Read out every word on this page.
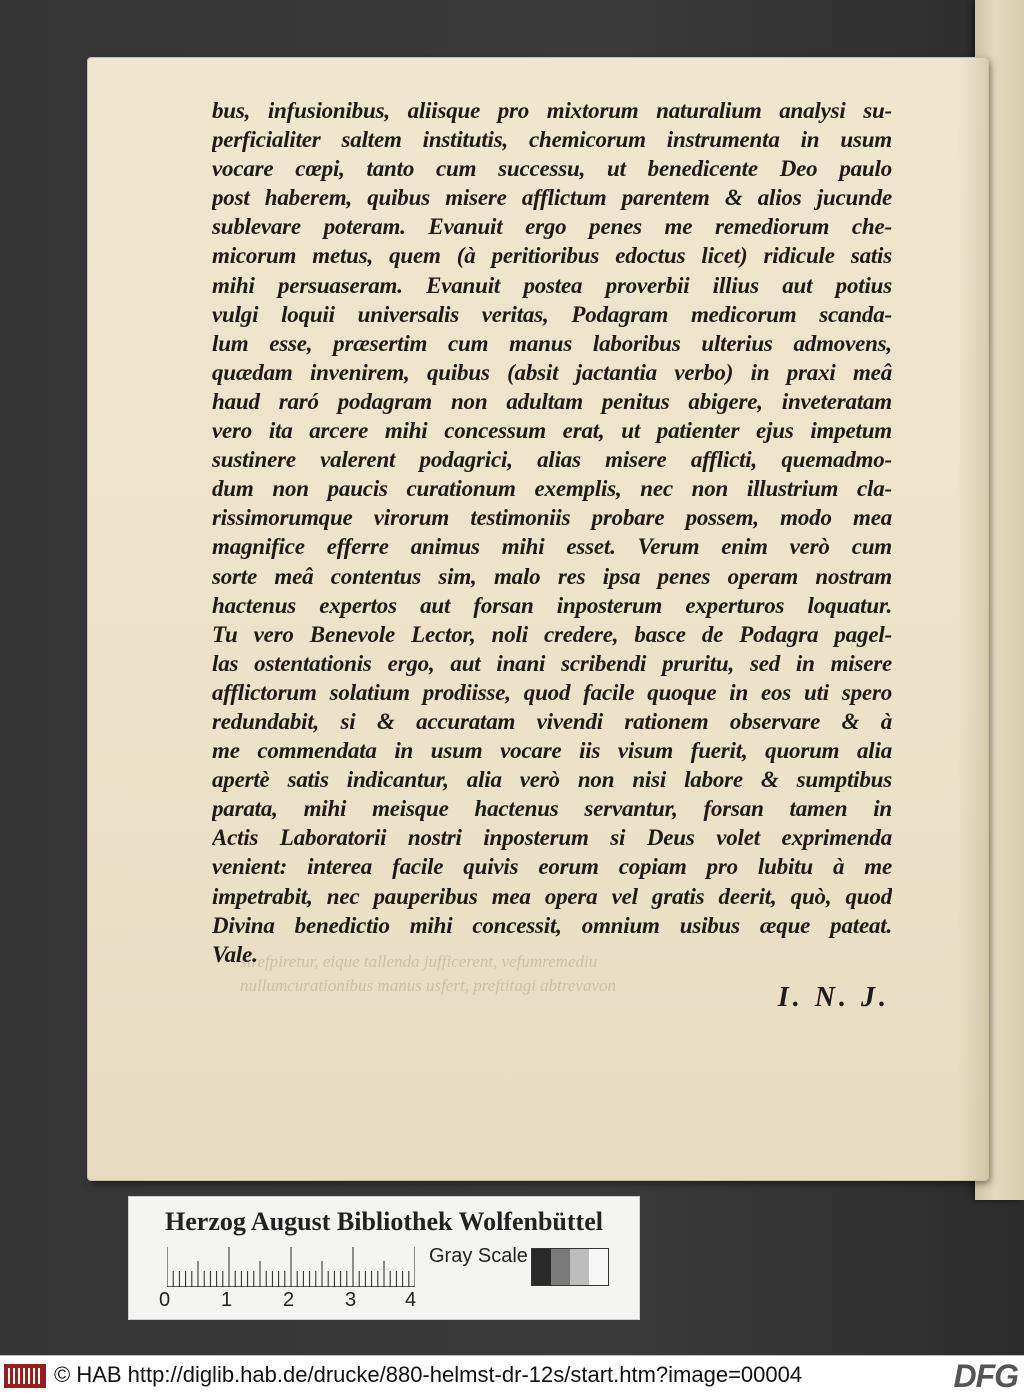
sirefpiretur, eique tallenda jufficerent, vefumremediu
nullumcurationibus manus usfert, preftitagi abtrevavon
bus, infusionibus, aliisque pro mixtorum naturalium analysi su-
perficialiter saltem institutis, chemicorum instrumenta in usum
vocare cœpi, tanto cum successu, ut benedicente Deo paulo
post haberem, quibus misere afflictum parentem & alios jucunde
sublevare poteram. Evanuit ergo penes me remediorum che-
micorum metus, quem (à peritioribus edoctus licet) ridicule satis
mihi persuaseram. Evanuit postea proverbii illius aut potius
vulgi loquii universalis veritas, Podagram medicorum scanda-
lum esse, præsertim cum manus laboribus ulterius admovens,
quædam invenirem, quibus (absit jactantia verbo) in praxi meâ
haud raró podagram non adultam penitus abigere, inveteratam
vero ita arcere mihi concessum erat, ut patienter ejus impetum
sustinere valerent podagrici, alias misere afflicti, quemadmo-
dum non paucis curationum exemplis, nec non illustrium cla-
rissimorumque virorum testimoniis probare possem, modo mea
magnifice efferre animus mihi esset. Verum enim verò cum
sorte meâ contentus sim, malo res ipsa penes operam nostram
hactenus expertos aut forsan inposterum experturos loquatur.
Tu vero Benevole Lector, noli credere, basce de Podagra pagel-
las ostentationis ergo, aut inani scribendi pruritu, sed in misere
afflictorum solatium prodiisse, quod facile quoque in eos uti spero
redundabit, si & accuratam vivendi rationem observare & à
me commendata in usum vocare iis visum fuerit, quorum alia
apertè satis indicantur, alia verò non nisi labore & sumptibus
parata, mihi meisque hactenus servantur, forsan tamen in
Actis Laboratorii nostri inposterum si Deus volet exprimenda
venient: interea facile quivis eorum copiam pro lubitu à me
impetrabit, nec pauperibus mea opera vel gratis deerit, quò, quod
Divina benedictio mihi concessit, omnium usibus æque pateat.
Vale.
I. N. J.
Herzog August Bibliothek Wolfenbüttel
0	1	2	3 4
Gray Scale
© HAB http://diglib.hab.de/drucke/880-helmst-dr-12s/start.htm?image=00004	DFG
